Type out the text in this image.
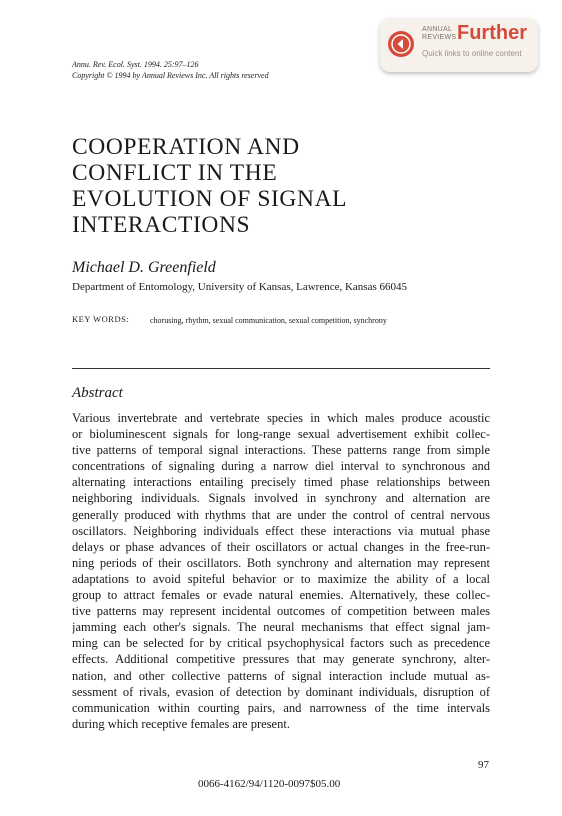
ANNUAL
REVIEWS Further
Quick links to online content
Annu. Rev. Ecol. Syst. 1994. 25:97–126
Copyright © 1994 by Annual Reviews Inc. All rights reserved
COOPERATION AND
CONFLICT IN THE
EVOLUTION OF SIGNAL
INTERACTIONS
Michael D. Greenfield
Department of Entomology, University of Kansas, Lawrence, Kansas 66045
KEY WORDS:	chorusing, rhythm, sexual communication, sexual competition, synchrony
Abstract
Various invertebrate and vertebrate species in which males produce acoustic
or bioluminescent signals for long-range sexual advertisement exhibit collec-
tive patterns of temporal signal interactions. These patterns range from simple
concentrations of signaling during a narrow diel interval to synchronous and
alternating interactions entailing precisely timed phase relationships between
neighboring individuals. Signals involved in synchrony and alternation are
generally produced with rhythms that are under the control of central nervous
oscillators. Neighboring individuals effect these interactions via mutual phase
delays or phase advances of their oscillators or actual changes in the free-run-
ning periods of their oscillators. Both synchrony and alternation may represent
adaptations to avoid spiteful behavior or to maximize the ability of a local
group to attract females or evade natural enemies. Alternatively, these collec-
tive patterns may represent incidental outcomes of competition between males
jamming each other's signals. The neural mechanisms that effect signal jam-
ming can be selected for by critical psychophysical factors such as precedence
effects. Additional competitive pressures that may generate synchrony, alter-
nation, and other collective patterns of signal interaction include mutual as-
sessment of rivals, evasion of detection by dominant individuals, disruption of
communication within courting pairs, and narrowness of the time intervals
during which receptive females are present.
97
0066-4162/94/1120-0097$05.00
